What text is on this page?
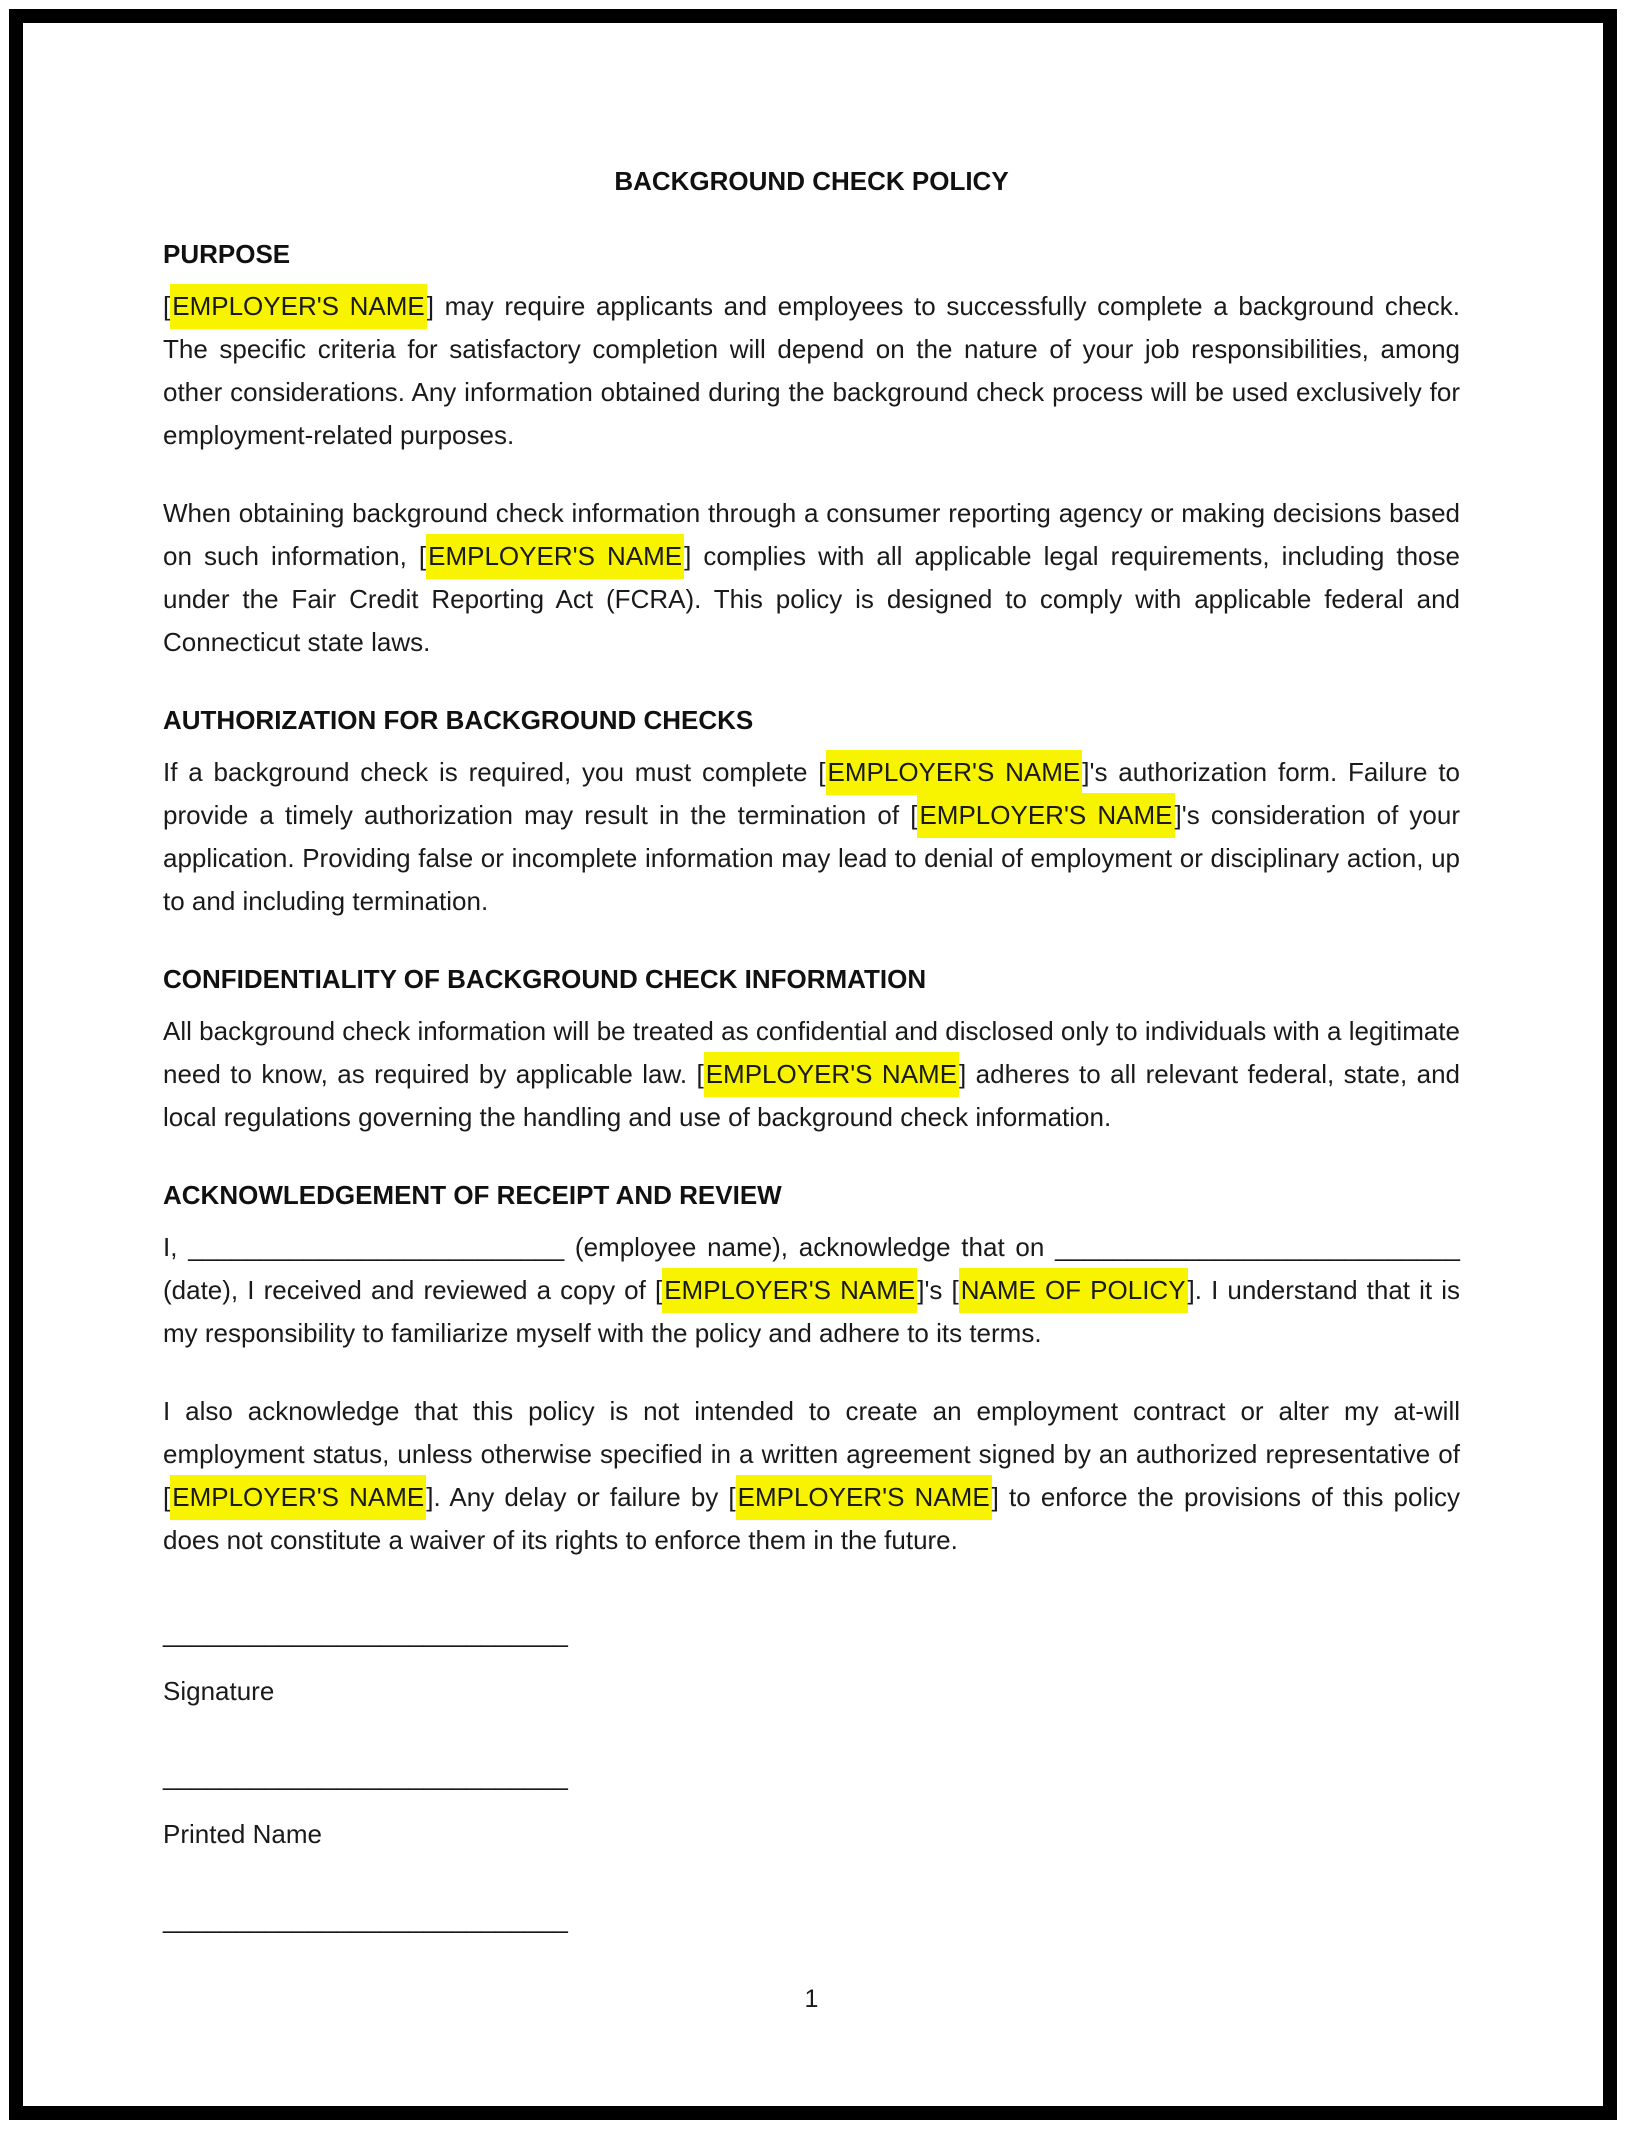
BACKGROUND CHECK POLICY
PURPOSE

[EMPLOYER'S NAME] may require applicants and employees to successfully complete a background check. The specific criteria for satisfactory completion will depend on the nature of your job responsibilities, among other considerations. Any information obtained during the background check process will be used exclusively for employment-related purposes.

When obtaining background check information through a consumer reporting agency or making decisions based on such information, [EMPLOYER'S NAME] complies with all applicable legal requirements, including those under the Fair Credit Reporting Act (FCRA). This policy is designed to comply with applicable federal and Connecticut state laws.

AUTHORIZATION FOR BACKGROUND CHECKS

If a background check is required, you must complete [EMPLOYER'S NAME]'s authorization form. Failure to provide a timely authorization may result in the termination of [EMPLOYER'S NAME]'s consideration of your application. Providing false or incomplete information may lead to denial of employment or disciplinary action, up to and including termination.

CONFIDENTIALITY OF BACKGROUND CHECK INFORMATION

All background check information will be treated as confidential and disclosed only to individuals with a legitimate need to know, as required by applicable law. [EMPLOYER'S NAME] adheres to all relevant federal, state, and local regulations governing the handling and use of background check information.

ACKNOWLEDGEMENT OF RECEIPT AND REVIEW

I, __________________________ (employee name), acknowledge that on ____________________________ (date), I received and reviewed a copy of [EMPLOYER'S NAME]'s [NAME OF POLICY]. I understand that it is my responsibility to familiarize myself with the policy and adhere to its terms.

I also acknowledge that this policy is not intended to create an employment contract or alter my at-will employment status, unless otherwise specified in a written agreement signed by an authorized representative of [EMPLOYER'S NAME]. Any delay or failure by [EMPLOYER'S NAME] to enforce the provisions of this policy does not constitute a waiver of its rights to enforce them in the future.

____________________________
Signature
____________________________
Printed Name
____________________________
1
